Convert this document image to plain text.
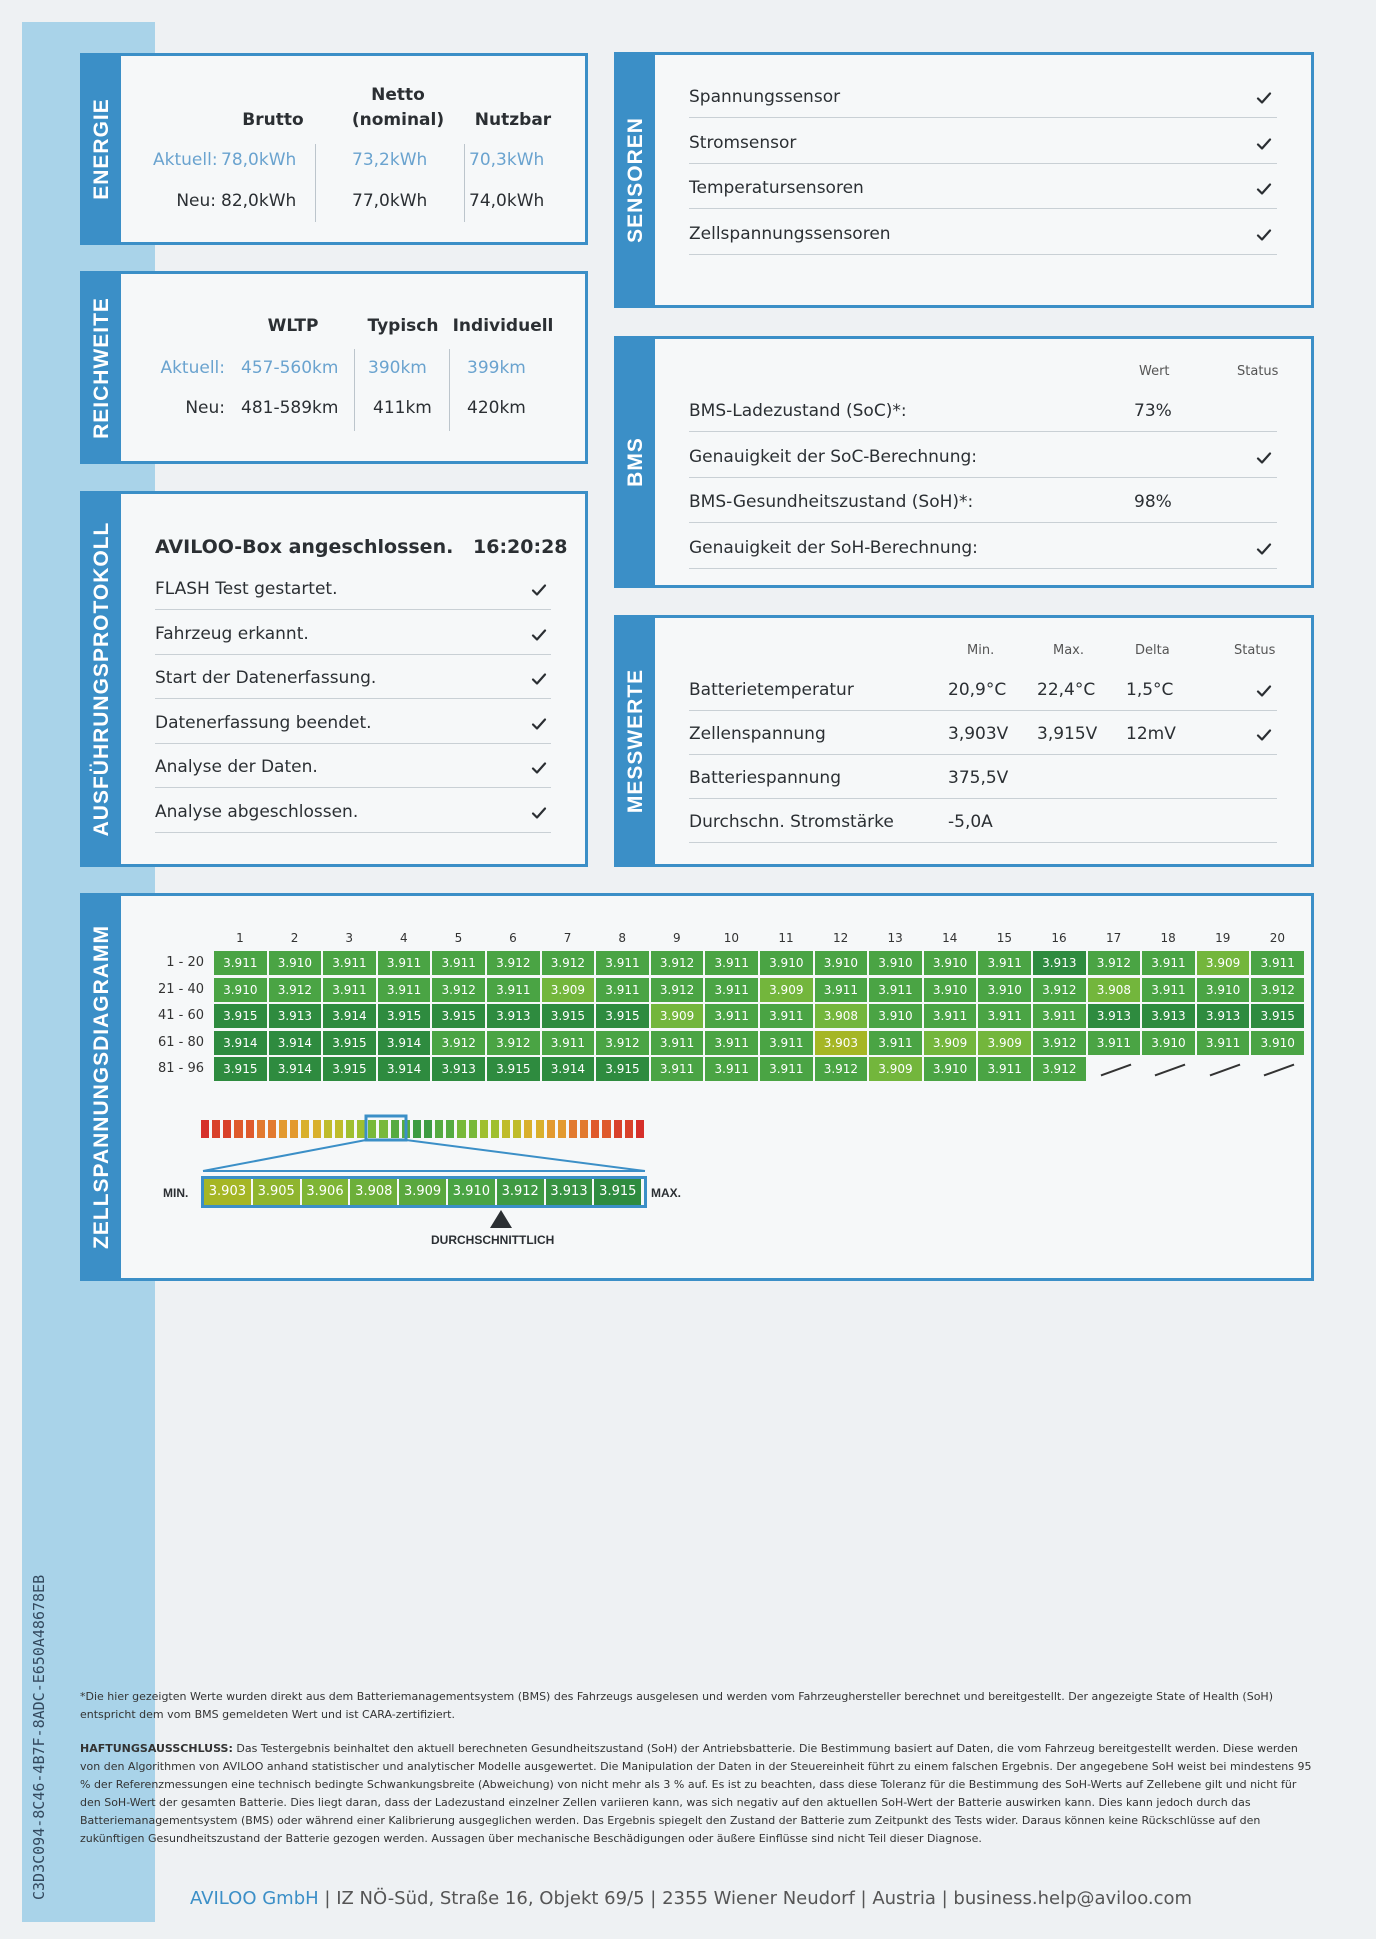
C3D3C094-8C46-4B7F-8ADC-E650A48678EB
ENERGIE	Brutto
Netto
(nominal)	Nutzbar
Aktuell: 78,0kWh	73,2kWh 70,3kWh
Neu: 82,0kWh	77,0kWh 74,0kWh
REICHWEITE	WLTP	Typisch Individuell
Aktuell: 457-560km 390km 399km
Neu: 481-589km 411km 420km
AUSFÜHRUNGSPROTOKOLL AVILOO-Box angeschlossen. 16:20:28
FLASH Test gestartet.
Fahrzeug erkannt.
Start der Datenerfassung.
Datenerfassung beendet.
Analyse der Daten.
Analyse abgeschlossen.
SENSOREN
Spannungssensor
Stromsensor
Temperatursensoren
Zellspannungssensoren
BMS
Wert	Status
BMS-Ladezustand (SoC)*:	73%
Genauigkeit der SoC-Berechnung:
BMS-Gesundheitszustand (SoH)*:	98%
Genauigkeit der SoH-Berechnung:
MESSWERTE
Min.	Max.	Delta	Status
Batterietemperatur	20,9°C 22,4°C 1,5°C
Zellenspannung	3,903V 3,915V 12mV
Batteriespannung	375,5V
Durchschn. Stromstärke	-5,0A
ZELLSPANNUNGSDIAGRAMM	1	2	3	4	5	6	7	8	9	10	11	12	13	14	15	16	17	18	19	20
1 - 20	3.911	3.910	3.911	3.911	3.911	3.912	3.912	3.911	3.912	3.911	3.910	3.910	3.910	3.910	3.911	3.913	3.912	3.911	3.909	3.911
21 - 40	3.910	3.912	3.911	3.911	3.912	3.911	3.909	3.911	3.912	3.911	3.909	3.911	3.911	3.910	3.910	3.912	3.908	3.911	3.910	3.912
41 - 60	3.915	3.913	3.914	3.915	3.915	3.913	3.915	3.915	3.909	3.911	3.911	3.908	3.910	3.911	3.911	3.911	3.913	3.913	3.913	3.915
61 - 80	3.914	3.914	3.915	3.914	3.912	3.912	3.911	3.912	3.911	3.911	3.911	3.903	3.911	3.909	3.909	3.912	3.911	3.910	3.911	3.910
81 - 96	3.915	3.914	3.915	3.914	3.913	3.915	3.914	3.915	3.911	3.911	3.911	3.912	3.909	3.910	3.911	3.912
MIN.	MAX.
3.903 3.905 3.906 3.908 3.909 3.910 3.912 3.913 3.915
DURCHSCHNITTLICH
*Die hier gezeigten Werte wurden direkt aus dem Batteriemanagementsystem (BMS) des Fahrzeugs ausgelesen und werden vom Fahrzeughersteller berechnet und bereitgestellt. Der angezeigte State of Health (SoH) entspricht dem vom BMS gemeldeten Wert und ist CARA-zertifiziert.
HAFTUNGSAUSSCHLUSS: Das Testergebnis beinhaltet den aktuell berechneten Gesundheitszustand (SoH) der Antriebsbatterie. Die Bestimmung basiert auf Daten, die vom Fahrzeug bereitgestellt werden. Diese werden von den Algorithmen von AVILOO anhand statistischer und analytischer Modelle ausgewertet. Die Manipulation der Daten in der Steuereinheit führt zu einem falschen Ergebnis. Der angegebene SoH weist bei mindestens 95 % der Referenzmessungen eine technisch bedingte Schwankungsbreite (Abweichung) von nicht mehr als 3 % auf. Es ist zu beachten, dass diese Toleranz für die Bestimmung des SoH-Werts auf Zellebene gilt und nicht für den SoH-Wert der gesamten Batterie. Dies liegt daran, dass der Ladezustand einzelner Zellen variieren kann, was sich negativ auf den aktuellen SoH-Wert der Batterie auswirken kann. Dies kann jedoch durch das Batteriemanagementsystem (BMS) oder während einer Kalibrierung ausgeglichen werden. Das Ergebnis spiegelt den Zustand der Batterie zum Zeitpunkt des Tests wider. Daraus können keine Rückschlüsse auf den zukünftigen Gesundheitszustand der Batterie gezogen werden. Aussagen über mechanische Beschädigungen oder äußere Einflüsse sind nicht Teil dieser Diagnose.
AVILOO GmbH | IZ NÖ-Süd, Straße 16, Objekt 69/5 | 2355 Wiener Neudorf | Austria | business.help@aviloo.com
